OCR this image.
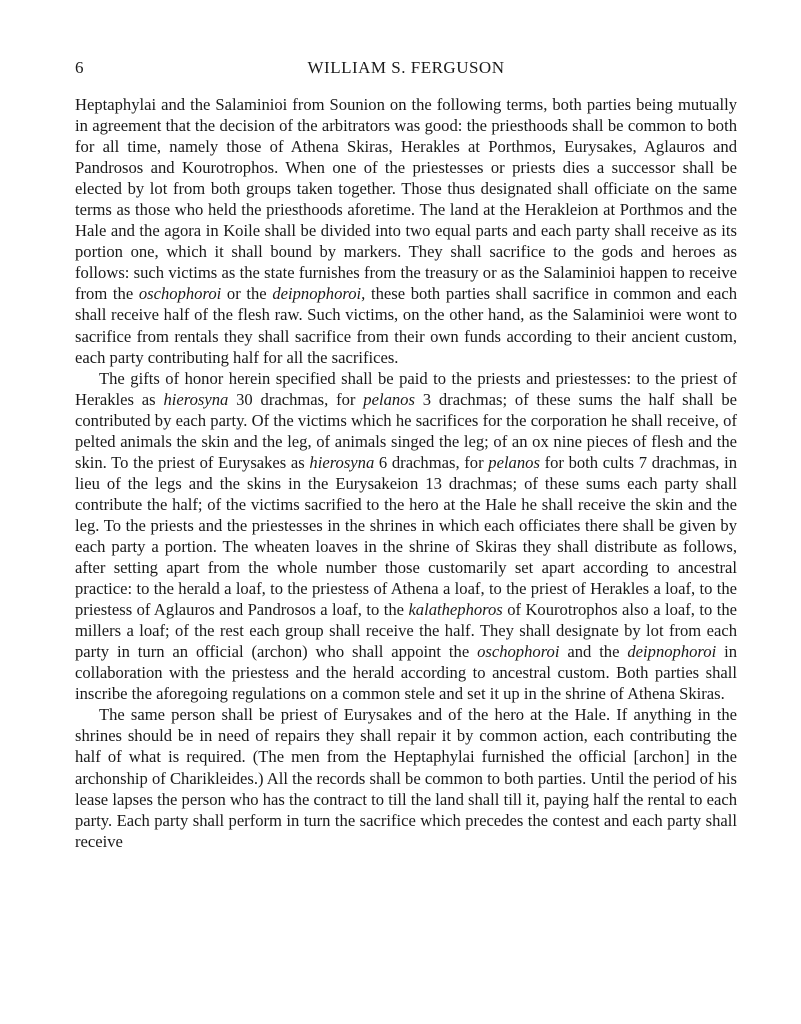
6	WILLIAM S. FERGUSON

Heptaphylai and the Salaminioi from Sounion on the following terms, both parties being mutually in agreement that the decision of the arbitrators was good: the priesthoods shall be common to both for all time, namely those of Athena Skiras, Herakles at Porthmos, Eurysakes, Aglauros and Pandrosos and Kourotrophos. When one of the priestesses or priests dies a successor shall be elected by lot from both groups taken together. Those thus designated shall officiate on the same terms as those who held the priesthoods aforetime. The land at the Herakleion at Porthmos and the Hale and the agora in Koile shall be divided into two equal parts and each party shall receive as its portion one, which it shall bound by markers. They shall sacrifice to the gods and heroes as follows: such victims as the state furnishes from the treasury or as the Salaminioi happen to receive from the oschophoroi or the deipnophoroi, these both parties shall sacrifice in common and each shall receive half of the flesh raw. Such victims, on the other hand, as the Salaminioi were wont to sacrifice from rentals they shall sacrifice from their own funds according to their ancient custom, each party contributing half for all the sacrifices.

The gifts of honor herein specified shall be paid to the priests and priestesses: to the priest of Herakles as hierosyna 30 drachmas, for pelanos 3 drachmas; of these sums the half shall be contributed by each party. Of the victims which he sacrifices for the corporation he shall receive, of pelted animals the skin and the leg, of animals singed the leg; of an ox nine pieces of flesh and the skin. To the priest of Eurysakes as hierosyna 6 drachmas, for pelanos for both cults 7 drachmas, in lieu of the legs and the skins in the Eurysakeion 13 drachmas; of these sums each party shall contribute the half; of the victims sacrified to the hero at the Hale he shall receive the skin and the leg. To the priests and the priestesses in the shrines in which each officiates there shall be given by each party a portion. The wheaten loaves in the shrine of Skiras they shall distribute as follows, after setting apart from the whole number those customarily set apart according to ancestral practice: to the herald a loaf, to the priestess of Athena a loaf, to the priest of Herakles a loaf, to the priestess of Aglauros and Pandrosos a loaf, to the kalathephoros of Kourotrophos also a loaf, to the millers a loaf; of the rest each group shall receive the half. They shall designate by lot from each party in turn an official (archon) who shall appoint the oschophoroi and the deipnophoroi in collaboration with the priestess and the herald according to ancestral custom. Both parties shall inscribe the aforegoing regulations on a common stele and set it up in the shrine of Athena Skiras.

The same person shall be priest of Eurysakes and of the hero at the Hale. If anything in the shrines should be in need of repairs they shall repair it by common action, each contributing the half of what is required. (The men from the Heptaphylai furnished the official [archon] in the archonship of Charikleides.) All the records shall be common to both parties. Until the period of his lease lapses the person who has the contract to till the land shall till it, paying half the rental to each party. Each party shall perform in turn the sacrifice which precedes the contest and each party shall receive
